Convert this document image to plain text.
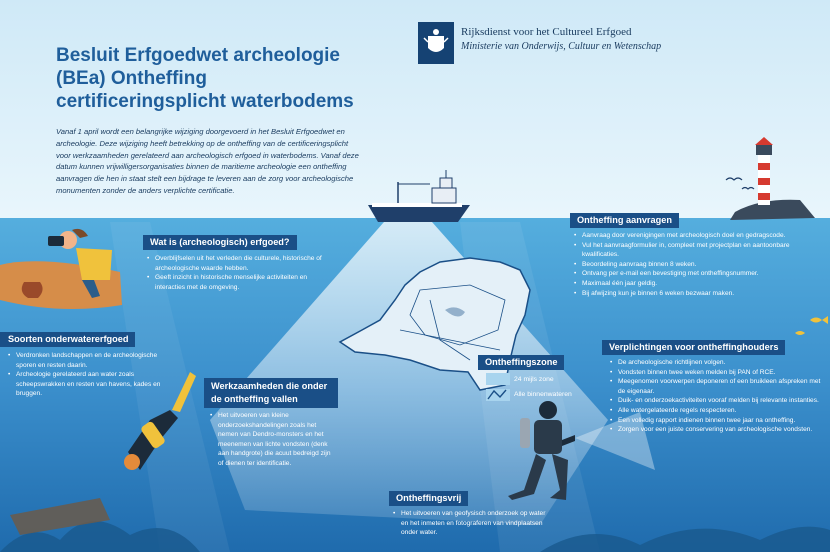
Rijksdienst voor het Cultureel Erfgoed
Ministerie van Onderwijs, Cultuur en Wetenschap
Besluit Erfgoedwet archeologie (BEa) Ontheffing certificeringsplicht waterbodems
Vanaf 1 april wordt een belangrijke wijziging doorgevoerd in het Besluit Erfgoedwet en archeologie. Deze wijziging heeft betrekking op de ontheffing van de certificeringsplicht voor werkzaamheden gerelateerd aan archeologisch erfgoed in waterbodems. Vanaf deze datum kunnen vrijwilligersorganisaties binnen de maritieme archeologie een ontheffing aanvragen die hen in staat stelt een bijdrage te leveren aan de zorg voor archeologische monumenten zonder de anders verplichte certificatie.
Wat is (archeologisch) erfgoed?
• Overblijfselen uit het verleden die culturele, historische of archeologische waarde hebben.
• Geeft inzicht in historische menselijke activiteiten en interacties met de omgeving.
Soorten onderwatererfgoed
• Verdronken landschappen en de archeologische sporen en resten daarin.
• Archeologie gerelateerd aan water zoals scheepswrakken en resten van havens, kades en bruggen.
Werkzaamheden die onder de ontheffing vallen
• Het uitvoeren van kleine onderzoekshandelingen zoals het nemen van Dendro-monsters en het meenemen van lichte vondsten (denk aan handgrote) die acuut bedreigd zijn of dienen ter identificatie.
Ontheffing aanvragen
• Aanvraag door verenigingen met archeologisch doel en gedragscode.
• Vul het aanvraagformulier in, compleet met projectplan en aantoonbare kwalificaties.
• Beoordeling aanvraag binnen 8 weken.
• Ontvang per e-mail een bevestiging met ontheffingsnummer.
• Maximaal één jaar geldig.
• Bij afwijzing kun je binnen 6 weken bezwaar maken.
Verplichtingen voor ontheffinghouders
• De archeologische richtlijnen volgen.
• Vondsten binnen twee weken melden bij PAN of RCE.
• Meegenomen voorwerpen deponeren of een bruikleen afspreken met de eigenaar.
• Duik- en onderzoekactiviteiten vooraf melden bij relevante instanties.
• Alle watergelateerde regels respecteren.
• Een volledig rapport indienen binnen twee jaar na ontheffing.
• Zorgen voor een juiste conservering van archeologische vondsten.
Ontheffingszone
24 mijls zone
Alle binnenwateren
Ontheffingsvrij
• Het uitvoeren van geofysisch onderzoek op water en het inmeten en fotograferen van vindplaatsen onder water.
